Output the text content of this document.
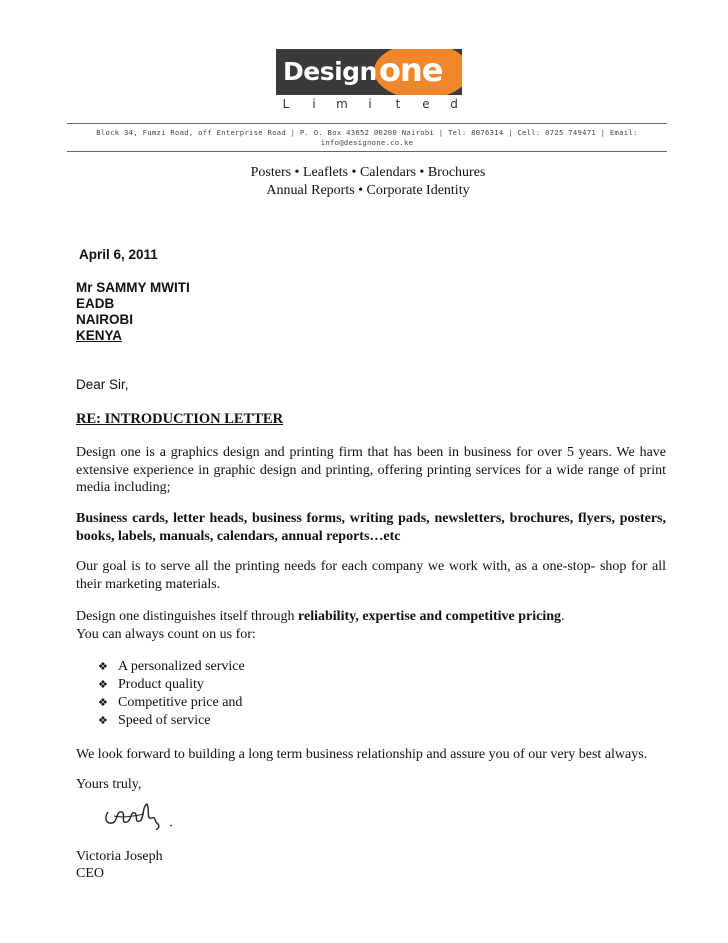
Design one
L	i	m	i	t	e	d
Block 34, Fumzi Road, off Enterprise Road | P. O. Box 43652 00200 Nairobi | Tel: 8076314 | Cell: 0725 749471 | Email:
info@designone.co.ke
Posters • Leaflets • Calendars • Brochures
Annual Reports • Corporate Identity
April 6, 2011
Mr SAMMY MWITI
EADB
NAIROBI
KENYA
Dear Sir,
RE: INTRODUCTION LETTER
Design one is a graphics design and printing firm that has been in business for over 5 years. We have extensive experience in graphic design and printing, offering printing services for a wide range of print media including;
Business cards, letter heads, business forms, writing pads, newsletters, brochures, flyers, posters, books, labels, manuals, calendars, annual reports…etc
Our goal is to serve all the printing needs for each company we work with, as a one-stop- shop for all their marketing materials.
Design one distinguishes itself through reliability, expertise and competitive pricing.
You can always count on us for:
❖ A personalized service
❖ Product quality
❖ Competitive price and
❖ Speed of service
We look forward to building a long term business relationship and assure you of our very best always.
Yours truly,
Victoria Joseph
CEO
